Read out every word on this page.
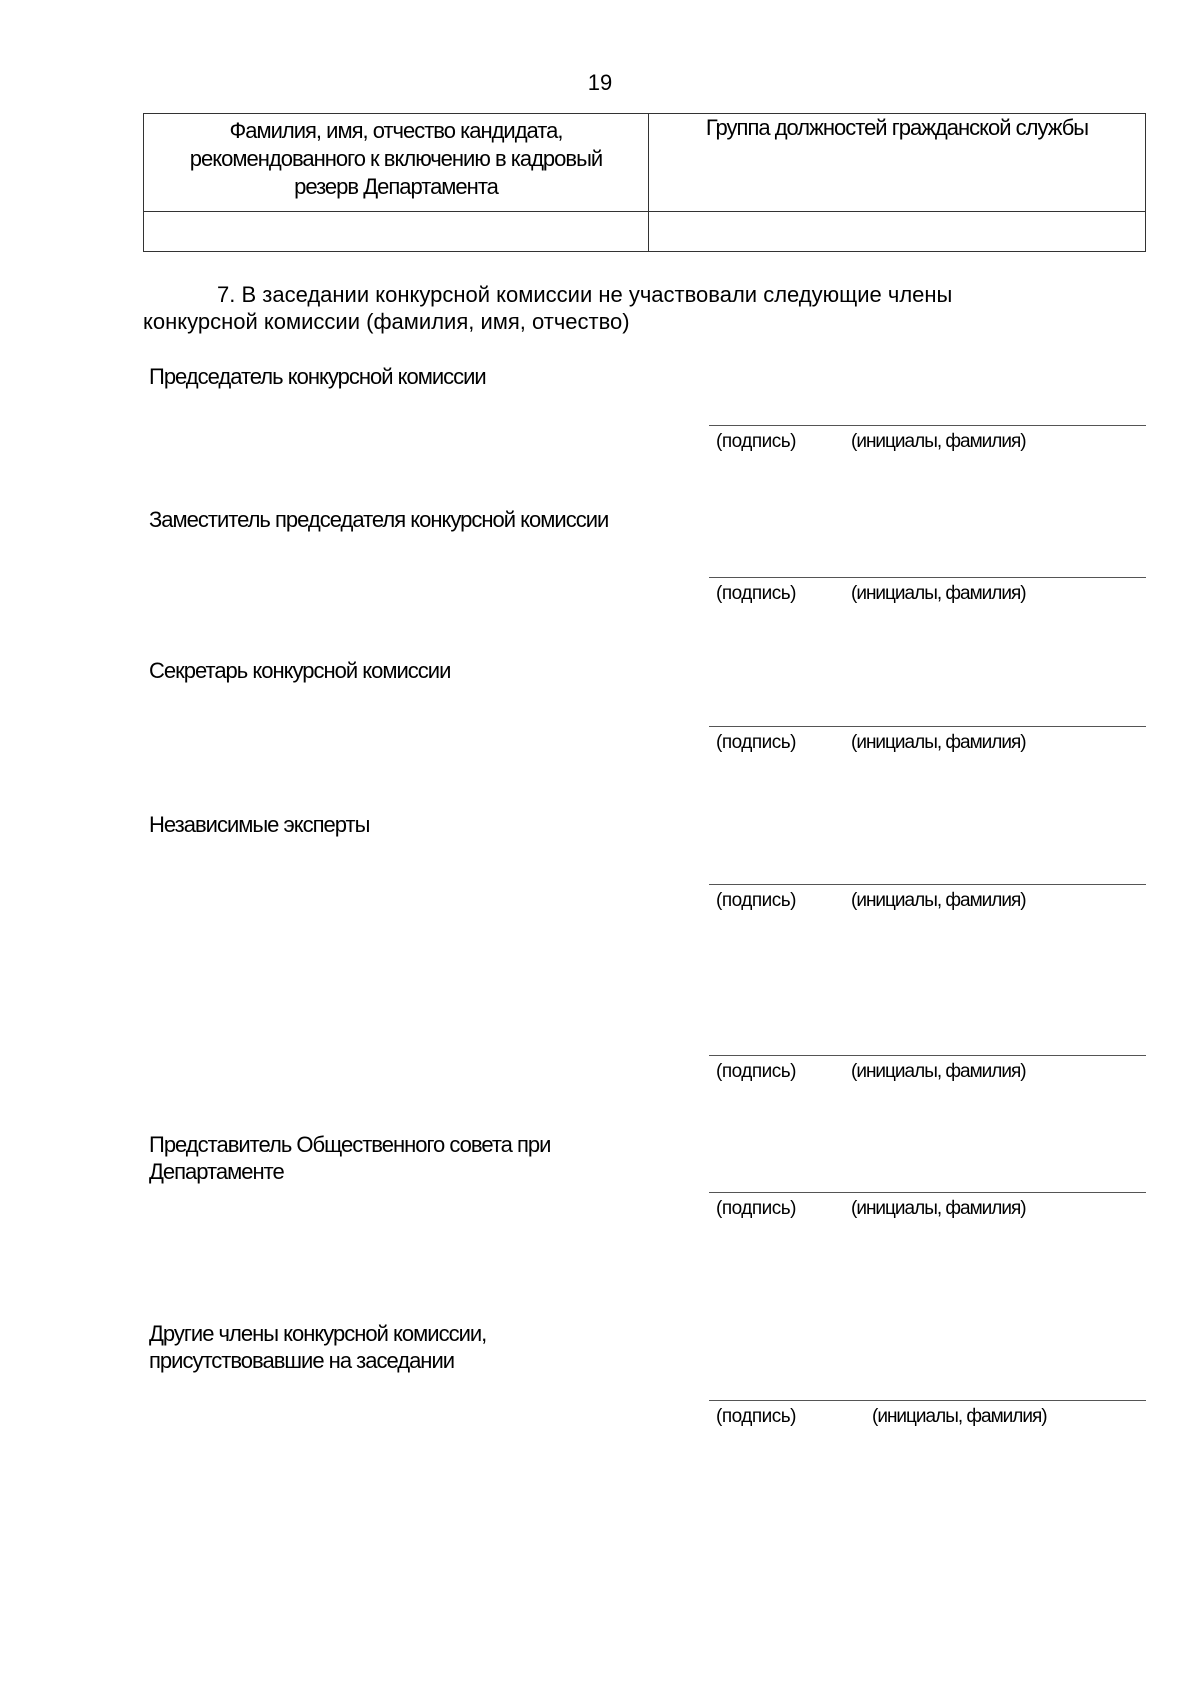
19
Фамилия, имя, отчество кандидата,
рекомендованного к включению в кадровый
резерв Департамента	Группа должностей гражданской службы

7. В заседании конкурсной комиссии не участвовали следующие члены
конкурсной комиссии (фамилия, имя, отчество)
Председатель конкурсной комиссии
(подпись)	(инициалы, фамилия)
Заместитель председателя конкурсной комиссии
(подпись)	(инициалы, фамилия)
Секретарь конкурсной комиссии
(подпись)	(инициалы, фамилия)
Независимые эксперты
(подпись)	(инициалы, фамилия)
(подпись)	(инициалы, фамилия)
Представитель Общественного совета при
Департаменте
(подпись)	(инициалы, фамилия)
Другие члены конкурсной комиссии,
присутствовавшие на заседании
(подпись)	(инициалы, фамилия)
